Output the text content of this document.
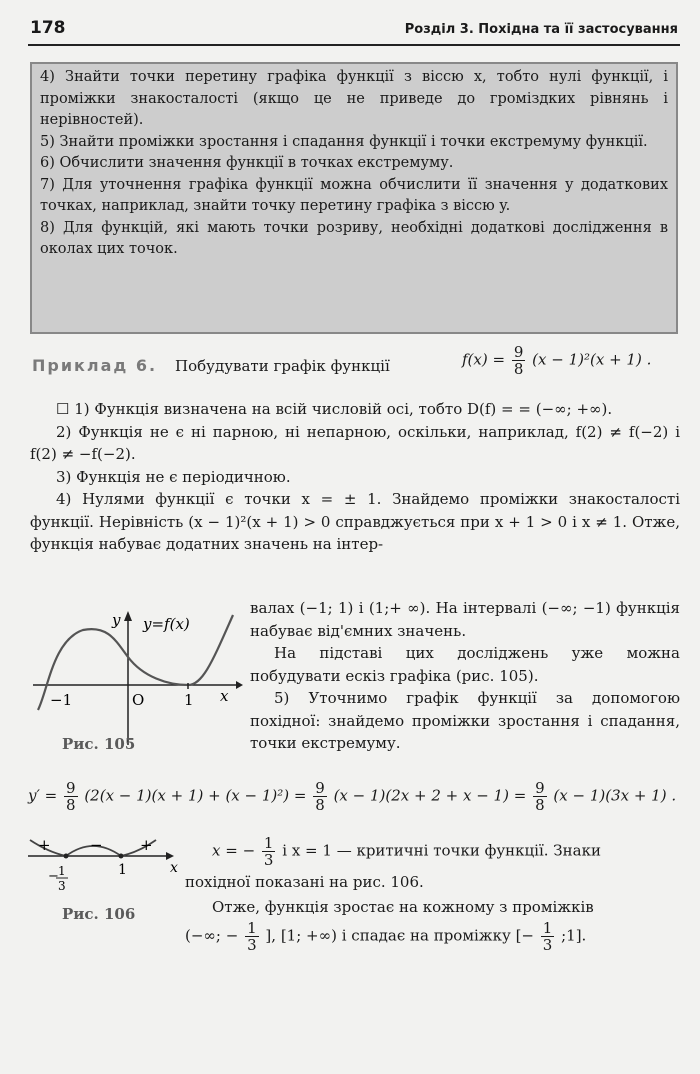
178	Розділ 3. Похідна та її застосування

4) Знайти точки перетину графіка функції з віссю x, тобто нулі функції, і проміжки знакосталості (якщо це не приведе до громіздких рівнянь і нерівностей).

5) Знайти проміжки зростання і спадання функції і точки екстремуму функції.

6) Обчислити значення функції в точках екстремуму.

7) Для уточнення графіка функції можна обчислити її значення у додаткових точках, наприклад, знайти точку перетину графіка з віссю y.

8) Для функцій, які мають точки розриву, необхідні додаткові дослідження в околах цих точок.

Приклад 6. Побудувати графік функції	$f(x) = \frac{9}{8} (x - 1)^2(x + 1)$ .

☐ 1) Функція визначена на всій числовій осі, тобто D(f) = = (−∞; +∞).

2) Функція не є ні парною, ні непарною, оскільки, наприклад, f(2) ≠ f(−2) і f(2) ≠ −f(−2).

3) Функція не є періодичною.

4) Нулями функції є точки x = ± 1. Знайдемо проміжки знакосталості функції. Нерівність (x − 1)²(x + 1) > 0 справджується при x + 1 > 0 і x ≠ 1. Отже, функція набуває додатних значень на інтер-

валах (−1; 1) і (1;+ ∞). На інтервалі (−∞; −1) функція набуває від'ємних значень.

На підставі цих досліджень уже можна побудувати ескіз графіка (рис. 105).

5) Уточнимо графік функції за допомогою похідної: знайдемо проміжки зростання і спадання, точки екстремуму.

−1	O	1 x
y y=f(x)
Рис. 105
$y' = \frac{9}{8} (2(x - 1)(x + 1) + (x - 1)^2) = \frac{9}{8} (x - 1)(2x + 2 + x - 1) = \frac{9}{8} (x - 1)(3x + 1)$ .
+	− +
x
1
− 1
3
Рис. 106
x = − $\frac{1}{3}$ і x = 1 — критичні точки функції. Знаки
похідної показані на рис. 106.
Отже, функція зростає на кожному з проміжків
(−∞; − $\frac{1}{3}$ ], [1; +∞) і спадає на проміжку [− $\frac{1}{3}$ ;1].
